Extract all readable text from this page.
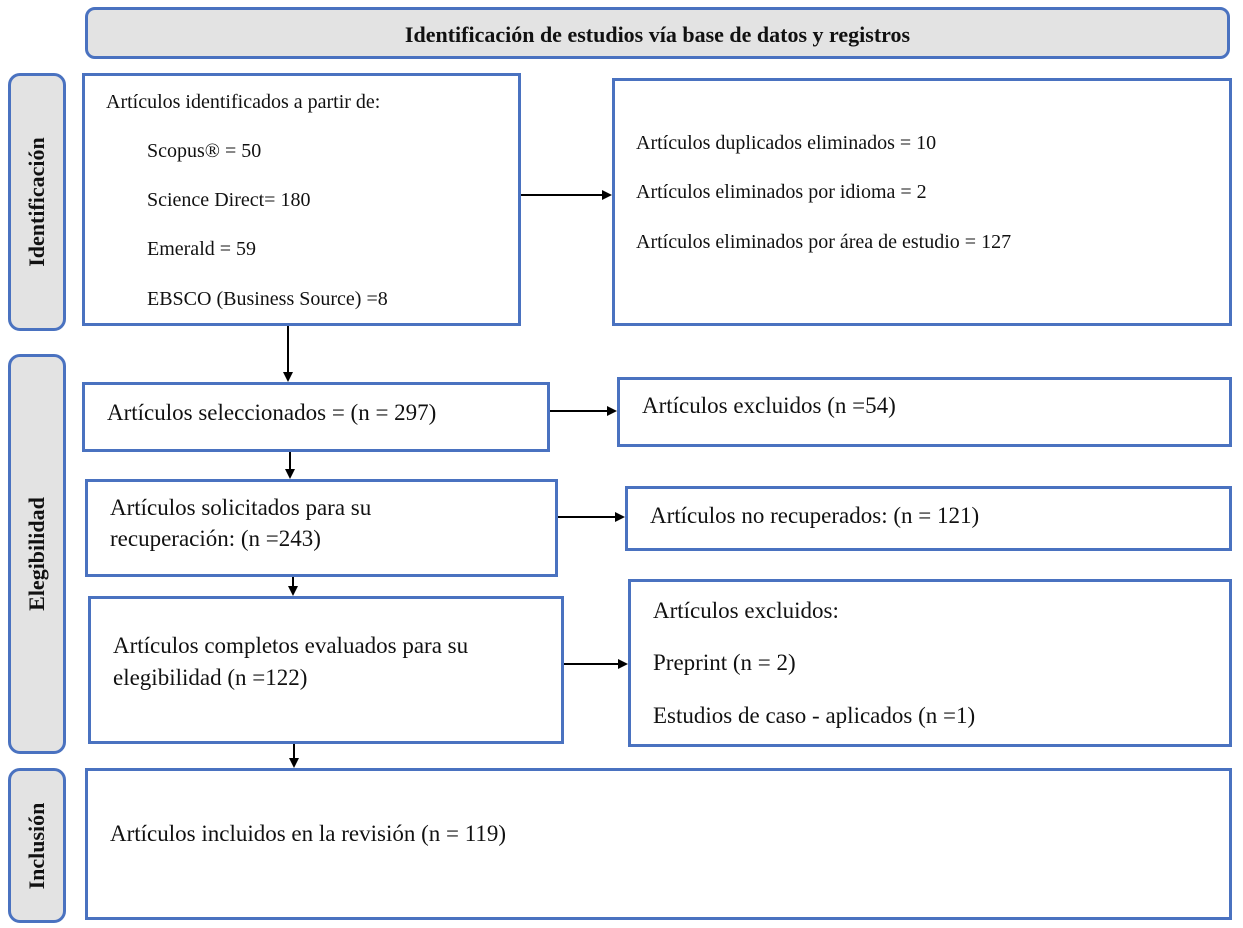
Identificación de estudios vía base de datos y registros
Identificación
Elegibilidad
Inclusión
Artículos identificados a partir de:
Scopus® = 50
Science Direct= 180
Emerald = 59
EBSCO (Business Source) =8
Artículos duplicados eliminados = 10
Artículos eliminados por idioma = 2
Artículos eliminados por área de estudio = 127
Artículos seleccionados = (n = 297)	Artículos excluidos (n =54)
Artículos solicitados para su
recuperación: (n =243)
Artículos no recuperados: (n = 121)
Artículos completos evaluados para su
elegibilidad (n =122)
Artículos excluidos:
Preprint (n = 2)
Estudios de caso - aplicados (n =1)
Artículos incluidos en la revisión (n = 119)
